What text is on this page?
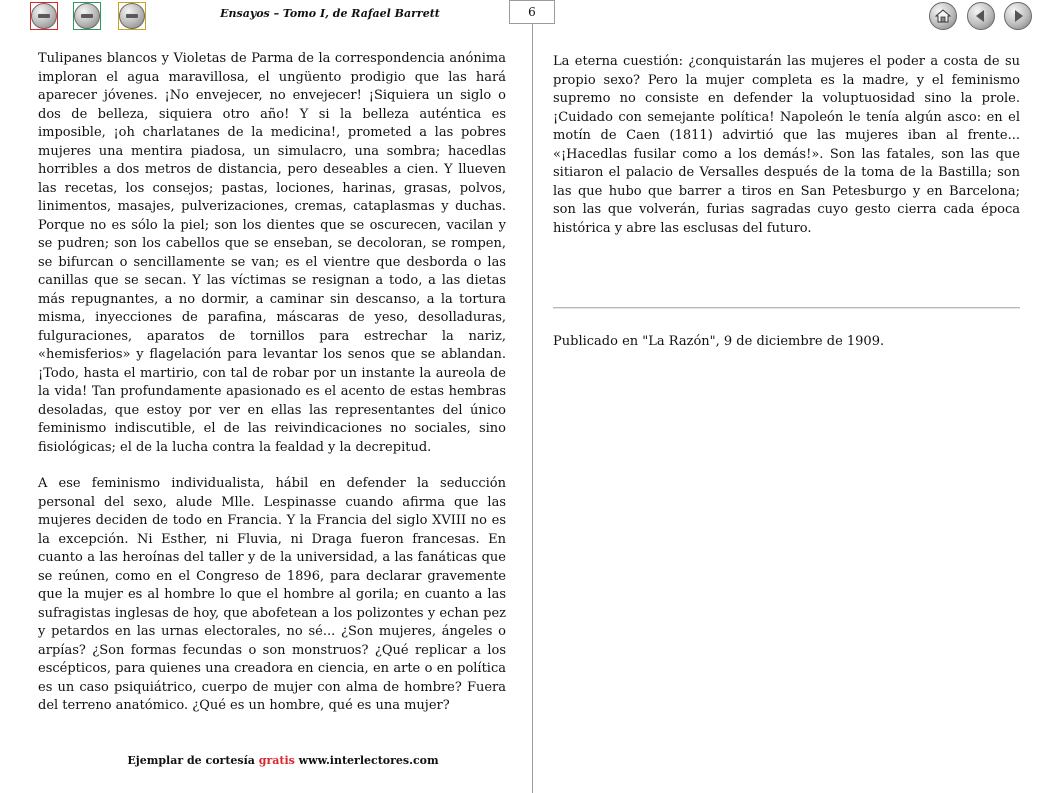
Ensayos – Tomo I, de Rafael Barrett	6

Tulipanes blancos y Violetas de Parma de la correspondencia anónima imploran el agua maravillosa, el ungüento prodigio que las hará aparecer jóvenes. ¡No envejecer, no envejecer! ¡Siquiera un siglo o dos de belleza, siquiera otro año! Y si la belleza auténtica es imposible, ¡oh charlatanes de la medicina!, prometed a las pobres mujeres una mentira piadosa, un simulacro, una sombra; hacedlas horribles a dos metros de distancia, pero deseables a cien. Y llueven las recetas, los consejos; pastas, lociones, harinas, grasas, polvos, linimentos, masajes, pulverizaciones, cremas, cataplasmas y duchas. Porque no es sólo la piel; son los dientes que se oscurecen, vacilan y se pudren; son los cabellos que se enseban, se decoloran, se rompen, se bifurcan o sencillamente se van; es el vientre que desborda o las canillas que se secan. Y las víctimas se resignan a todo, a las dietas más repugnantes, a no dormir, a caminar sin descanso, a la tortura misma, inyecciones de parafina, máscaras de yeso, desolladuras, fulguraciones, aparatos de tornillos para estrechar la nariz, «hemisferios» y flagelación para levantar los senos que se ablandan. ¡Todo, hasta el martirio, con tal de robar por un instante la aureola de la vida! Tan profundamente apasionado es el acento de estas hembras desoladas, que estoy por ver en ellas las representantes del único feminismo indiscutible, el de las reivindicaciones no sociales, sino fisiológicas; el de la lucha contra la fealdad y la decrepitud.

A ese feminismo individualista, hábil en defender la seducción personal del sexo, alude Mlle. Lespinasse cuando afirma que las mujeres deciden de todo en Francia. Y la Francia del siglo XVIII no es la excepción. Ni Esther, ni Fluvia, ni Draga fueron francesas. En cuanto a las heroínas del taller y de la universidad, a las fanáticas que se reúnen, como en el Congreso de 1896, para declarar gravemente que la mujer es al hombre lo que el hombre al gorila; en cuanto a las sufragistas inglesas de hoy, que abofetean a los polizontes y echan pez y petardos en las urnas electorales, no sé... ¿Son mujeres, ángeles o arpías? ¿Son formas fecundas o son monstruos? ¿Qué replicar a los escépticos, para quienes una creadora en ciencia, en arte o en política es un caso psiquiátrico, cuerpo de mujer con alma de hombre? Fuera del terreno anatómico. ¿Qué es un hombre, qué es una mujer?

La eterna cuestión: ¿conquistarán las mujeres el poder a costa de su propio sexo? Pero la mujer completa es la madre, y el feminismo supremo no consiste en defender la voluptuosidad sino la prole. ¡Cuidado con semejante política! Napoleón le tenía algún asco: en el motín de Caen (1811) advirtió que las mujeres iban al frente... «¡Hacedlas fusilar como a los demás!». Son las fatales, son las que sitiaron el palacio de Versalles después de la toma de la Bastilla; son las que hubo que barrer a tiros en San Petesburgo y en Barcelona; son las que volverán, furias sagradas cuyo gesto cierra cada época histórica y abre las esclusas del futuro.

Publicado en "La Razón", 9 de diciembre de 1909.
Ejemplar de cortesía gratis www.interlectores.com
